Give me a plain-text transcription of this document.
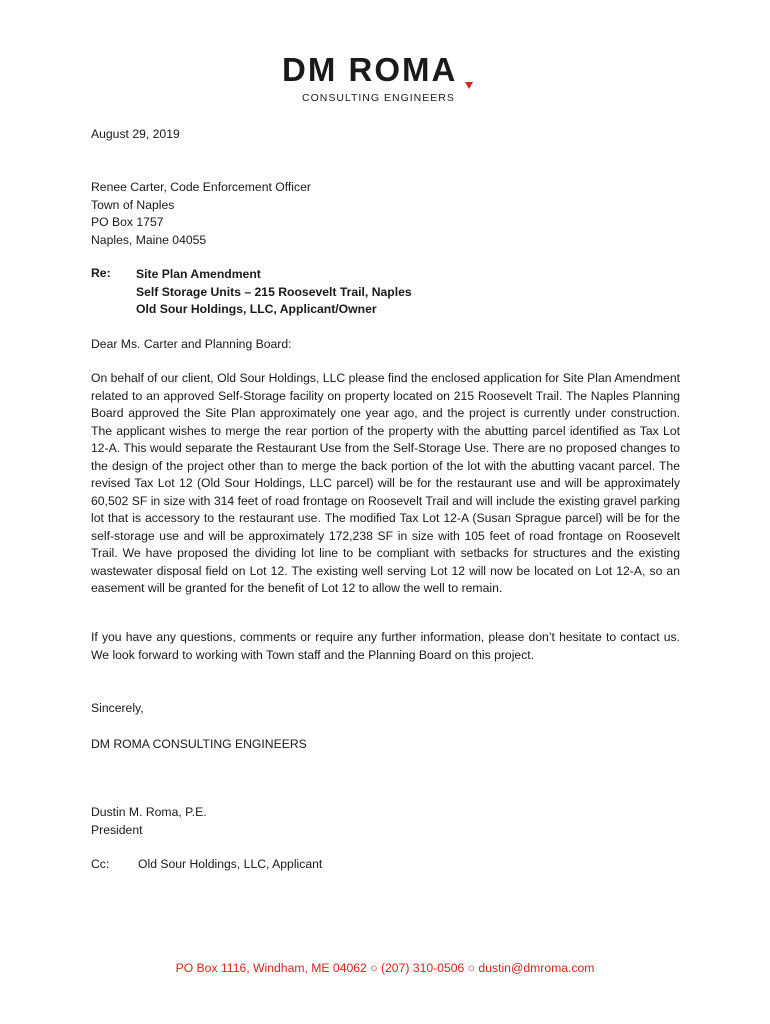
DM ROMA
CONSULTING ENGINEERS
August 29, 2019
Renee Carter, Code Enforcement Officer
Town of Naples
PO Box 1757
Naples, Maine 04055
Re: Site Plan Amendment
Self Storage Units – 215 Roosevelt Trail, Naples
Old Sour Holdings, LLC, Applicant/Owner
Dear Ms. Carter and Planning Board:
On behalf of our client, Old Sour Holdings, LLC please find the enclosed application for Site Plan Amendment related to an approved Self-Storage facility on property located on 215 Roosevelt Trail. The Naples Planning Board approved the Site Plan approximately one year ago, and the project is currently under construction. The applicant wishes to merge the rear portion of the property with the abutting parcel identified as Tax Lot 12-A. This would separate the Restaurant Use from the Self-Storage Use. There are no proposed changes to the design of the project other than to merge the back portion of the lot with the abutting vacant parcel. The revised Tax Lot 12 (Old Sour Holdings, LLC parcel) will be for the restaurant use and will be approximately 60,502 SF in size with 314 feet of road frontage on Roosevelt Trail and will include the existing gravel parking lot that is accessory to the restaurant use. The modified Tax Lot 12-A (Susan Sprague parcel) will be for the self-storage use and will be approximately 172,238 SF in size with 105 feet of road frontage on Roosevelt Trail. We have proposed the dividing lot line to be compliant with setbacks for structures and the existing wastewater disposal field on Lot 12. The existing well serving Lot 12 will now be located on Lot 12-A, so an easement will be granted for the benefit of Lot 12 to allow the well to remain.
If you have any questions, comments or require any further information, please don’t hesitate to contact us. We look forward to working with Town staff and the Planning Board on this project.
Sincerely,
DM ROMA CONSULTING ENGINEERS
Dustin M. Roma, P.E.
President
Cc: Old Sour Holdings, LLC, Applicant
PO Box 1116, Windham, ME 04062 ○ (207) 310-0506 ○ dustin@dmroma.com
